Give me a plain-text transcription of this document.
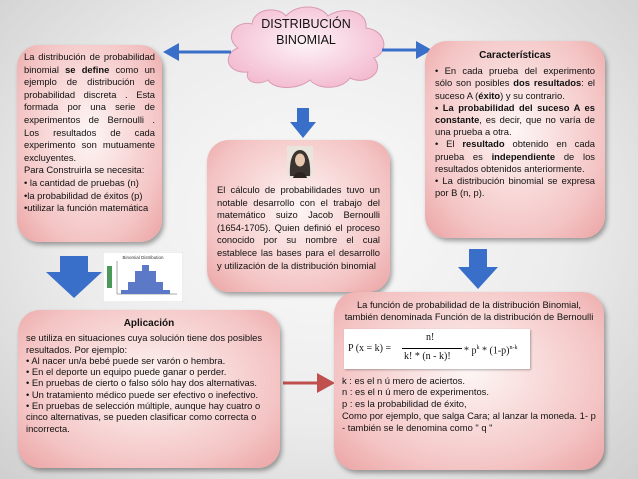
DISTRIBUCIÓN
BINOMIAL

La distribución de probabilidad binomial se define como un ejemplo de distribución de probabilidad discreta . Esta formada por una serie de experimentos de Bernoulli . Los resultados de cada experimento son mutuamente excluyentes.

Para Construirla se necesita:

• la cantidad de pruebas (n)

•la probabilidad de éxitos (p)

•utilizar la función matemática

Características

• En cada prueba del experimento sólo son posibles dos resultados: el suceso A (éxito) y su contrario.

• La probabilidad del suceso A es constante, es decir, que no varía de una prueba a otra.

• El resultado obtenido en cada prueba es independiente de los resultados obtenidos anteriormente.

• La distribución binomial se expresa por B (n, p).

El cálculo de probabilidades tuvo un notable desarrollo con el trabajo del matemático suizo Jacob Bernoulli (1654-1705). Quien definió el proceso conocido por su nombre el cual establece las bases para el desarrollo y utilización de la distribución binomial

Binomial Distribution

Aplicación

se utiliza en situaciones cuya solución tiene dos posibles resultados. Por ejemplo:

• Al nacer un/a bebé puede ser varón o hembra.

• En el deporte un equipo puede ganar o perder.

• En pruebas de cierto o falso sólo hay dos alternativas.

• Un tratamiento médico puede ser efectivo o inefectivo.

• En pruebas de selección múltiple, aunque hay cuatro o cinco alternativas, se pueden clasificar como correcta o incorrecta.

La función de probabilidad de la distribución Binomial, también denominada Función de la distribución de Bernoulli

P (x = k) =
n!
k! * (n - k)!
* $p^k * (1-p)^{n-k}$

k : es el n ú mero de aciertos.

n : es el n ú mero de experimentos.

p : es la probabilidad de éxito,

Como por ejemplo, que salga Cara; al lanzar la moneda. 1- p - también se le denomina como " q "
